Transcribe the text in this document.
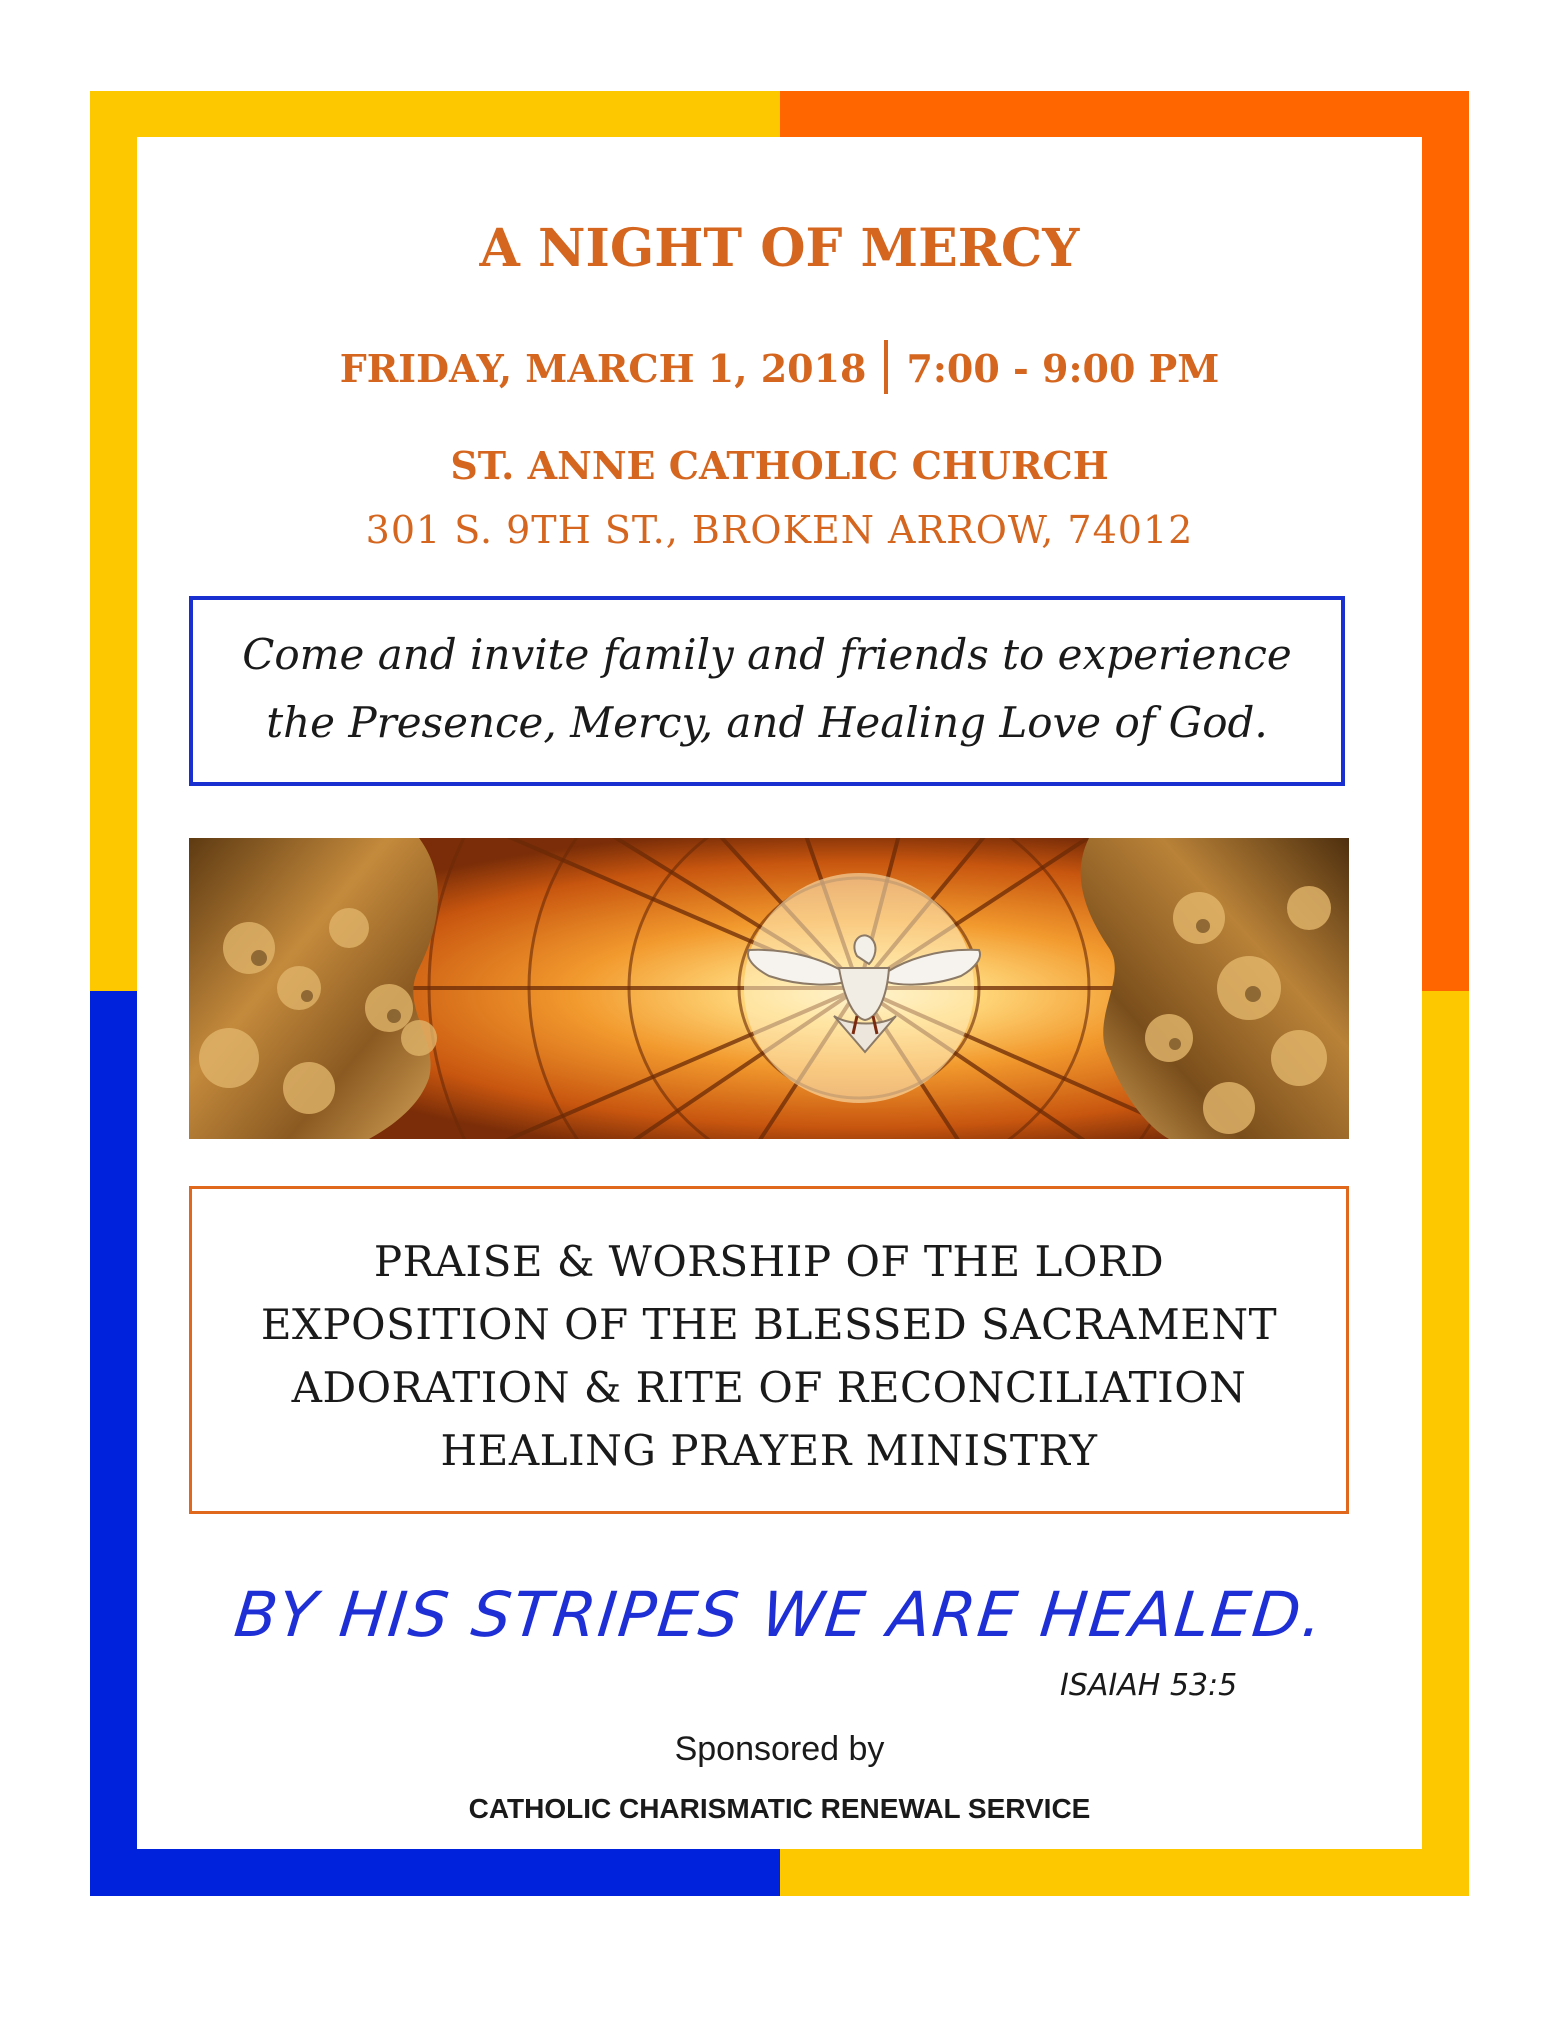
A NIGHT OF MERCY
FRIDAY, MARCH 1, 2018 7:00 - 9:00 PM
ST. ANNE CATHOLIC CHURCH
301 S. 9TH ST., BROKEN ARROW, 74012
Come and invite family and friends to experience
the Presence, Mercy, and Healing Love of God.
PRAISE & WORSHIP OF THE LORD
EXPOSITION OF THE BLESSED SACRAMENT
ADORATION & RITE OF RECONCILIATION
HEALING PRAYER MINISTRY
BY HIS STRIPES WE ARE HEALED.
ISAIAH 53:5
Sponsored by
CATHOLIC CHARISMATIC RENEWAL SERVICE
